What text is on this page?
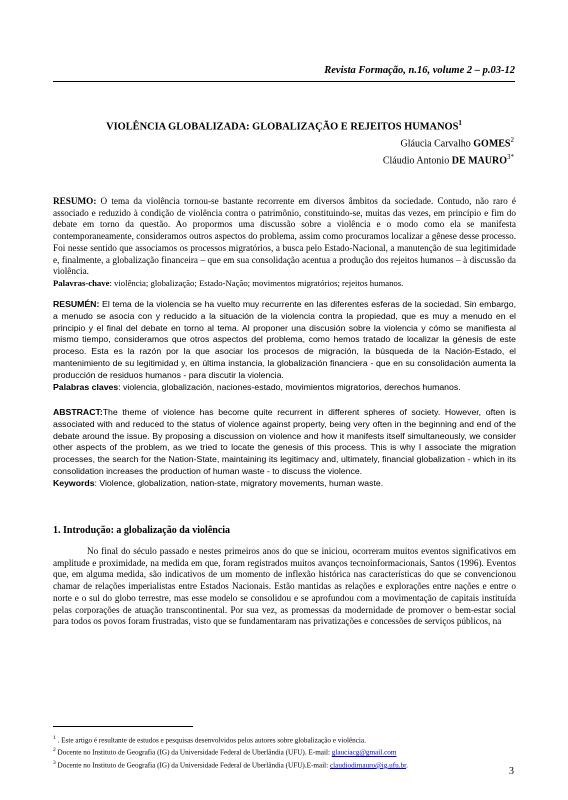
Revista Formação, n.16, volume 2 – p.03-12
VIOLÊNCIA GLOBALIZADA: GLOBALIZAÇÃO E REJEITOS HUMANOS$^1$
Gláucia Carvalho GOMES$^2$
Cláudio Antonio DE $MAURO^{3*}$
RESUMO: O tema da violência tornou-se bastante recorrente em diversos âmbitos da sociedade. Contudo, não raro é associado e reduzido à condição de violência contra o patrimônio, constituindo-se, muitas das vezes, em princípio e fim do debate em torno da questão. Ao propormos uma discussão sobre a violência e o modo como ela se manifesta contemporaneamente, consideramos outros aspectos do problema, assim como procuramos localizar a gênese desse processo. Foi nesse sentido que associamos os processos migratórios, a busca pelo Estado-Nacional, a manutenção de sua legitimidade e, finalmente, a globalização financeira – que em sua consolidação acentua a produção dos rejeitos humanos – à discussão da violência.
Palavras-chave: violência; globalização; Estado-Nação; movimentos migratórios; rejeitos humanos.
RESUMÉN: El tema de la violencia se ha vuelto muy recurrente en las diferentes esferas de la sociedad. Sin embargo, a menudo se asocia con y reducido a la situación de la violencia contra la propiedad, que es muy a menudo en el principio y el final del debate en torno al tema. Al proponer una discusión sobre la violencia y cómo se manifiesta al mismo tiempo, consideramos que otros aspectos del problema, como hemos tratado de localizar la génesis de este proceso. Esta es la razón por la que asociar los procesos de migración, la búsqueda de la Nación-Estado, el mantenimiento de su legitimidad y, en última instancia, la globalización financiera - que en su consolidación aumenta la producción de residuos humanos - para discutir la violencia.
Palabras claves: violencia, globalización, naciones-estado, movimientos migratorios, derechos humanos.
ABSTRACT:The theme of violence has become quite recurrent in different spheres of society. However, often is associated with and reduced to the status of violence against property, being very often in the beginning and end of the debate around the issue. By proposing a discussion on violence and how it manifests itself simultaneously, we consider other aspects of the problem, as we tried to locate the genesis of this process. This is why I associate the migration processes, the search for the Nation-State, maintaining its legitimacy and, ultimately, financial globalization - which in its consolidation increases the production of human waste - to discuss the violence.
Keywords: Violence, globalization, nation-state, migratory movements, human waste.
1. Introdução: a globalização da violência
No final do século passado e nestes primeiros anos do que se iniciou, ocorreram muitos eventos significativos em amplitude e proximidade, na medida em que, foram registrados muitos avanços tecnoinformacionais, Santos (1996). Eventos que, em alguma medida, são indicativos de um momento de inflexão histórica nas características do que se convencionou chamar de relações imperialistas entre Estados Nacionais. Estão mantidas as relações e explorações entre nações e entre o norte e o sul do globo terrestre, mas esse modelo se consolidou e se aprofundou com a movimentação de capitais instituída pelas corporações de atuação transcontinental. Por sua vez, as promessas da modernidade de promover o bem-estar social para todos os povos foram frustradas, visto que se fundamentaram nas privatizações e concessões de serviços públicos, na
$^1$ . Este artigo é resultante de estudos e pesquisas desenvolvidos pelos autores sobre globalização e violência.
$^2$ Docente no Instituto de Geografia (IG) da Universidade Federal de Uberlândia (UFU). E-mail: glauciacg@gmail.com
$^3$ Docente no Instituto de Geografia (IG) da Universidade Federal de Uberlândia (UFU).E-mail: claudiodimauro@ig.ufu.br.
3
